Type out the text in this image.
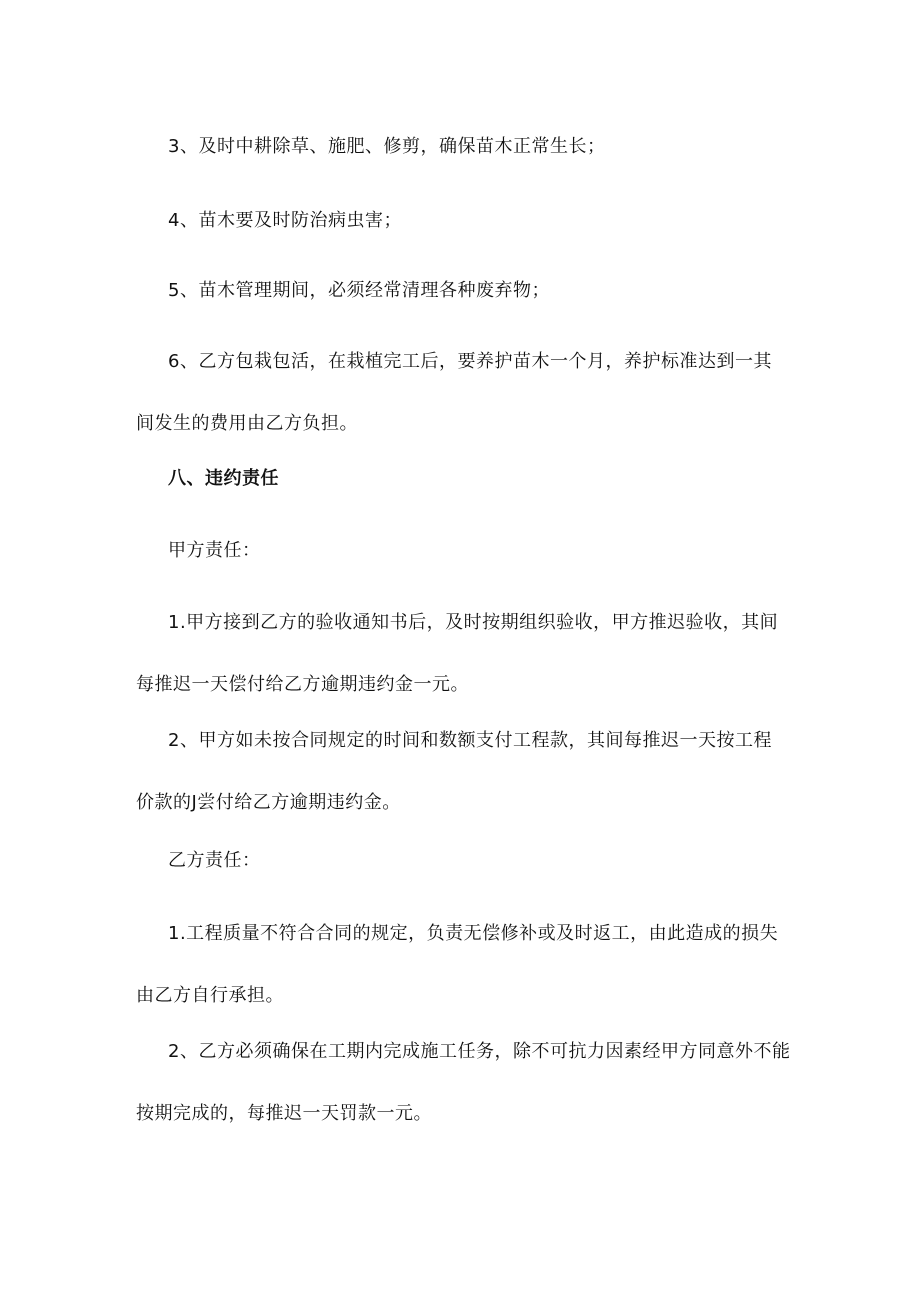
3、及时中耕除草、施肥、修剪，确保苗木正常生长；

4、苗木要及时防治病虫害；

5、苗木管理期间，必须经常清理各种废弃物；

6、乙方包栽包活，在栽植完工后，要养护苗木一个月，养护标准达到一其
间发生的费用由乙方负担。

八、违约责任

甲方责任：

1.甲方接到乙方的验收通知书后，及时按期组织验收，甲方推迟验收，其间
每推迟一天偿付给乙方逾期违约金一元。

2、甲方如未按合同规定的时间和数额支付工程款，其间每推迟一天按工程
价款的J尝付给乙方逾期违约金。

乙方责任：

1.工程质量不符合合同的规定，负责无偿修补或及时返工，由此造成的损失
由乙方自行承担。

2、乙方必须确保在工期内完成施工任务，除不可抗力因素经甲方同意外不能
按期完成的，每推迟一天罚款一元。
